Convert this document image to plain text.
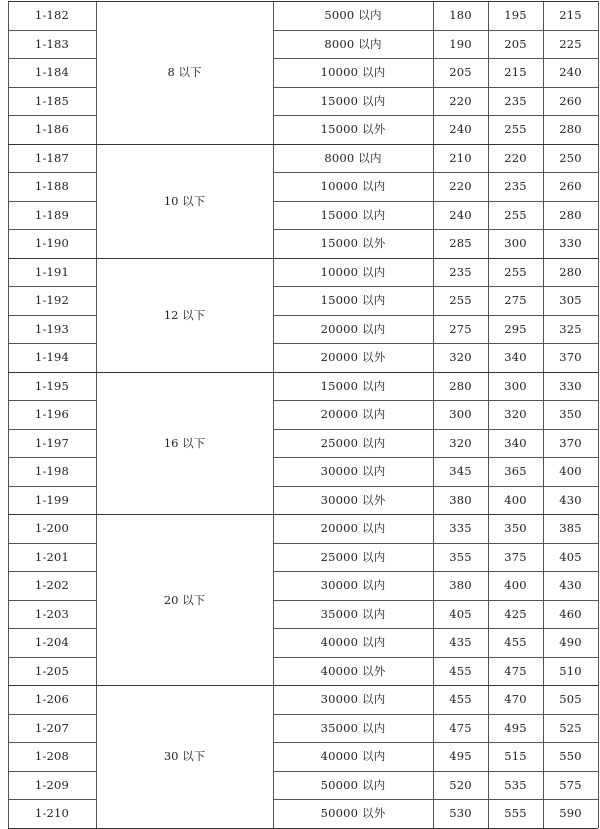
8 以下
1-182	5000 以内	180	195	215
1-183	8000 以内	190	205	225
1-184	10000 以内	205	215	240
1-185	15000 以内	220	235	260
1-186	15000 以外	240	255	280
10 以下
1-187	8000 以内	210	220	250
1-188	10000 以内	220	235	260
1-189	15000 以内	240	255	280
1-190	15000 以外	285	300	330
12 以下
1-191	10000 以内	235	255	280
1-192	15000 以内	255	275	305
1-193	20000 以内	275	295	325
1-194	20000 以外	320	340	370
16 以下
1-195	15000 以内	280	300	330
1-196	20000 以内	300	320	350
1-197	25000 以内	320	340	370
1-198	30000 以内	345	365	400
1-199	30000 以外	380	400	430
20 以下
1-200	20000 以内	335	350	385
1-201	25000 以内	355	375	405
1-202	30000 以内	380	400	430
1-203	35000 以内	405	425	460
1-204	40000 以内	435	455	490
1-205	40000 以外	455	475	510
30 以下
1-206	30000 以内	455	470	505
1-207	35000 以内	475	495	525
1-208	40000 以内	495	515	550
1-209	50000 以内	520	535	575
1-210	50000 以外	530	555	590
